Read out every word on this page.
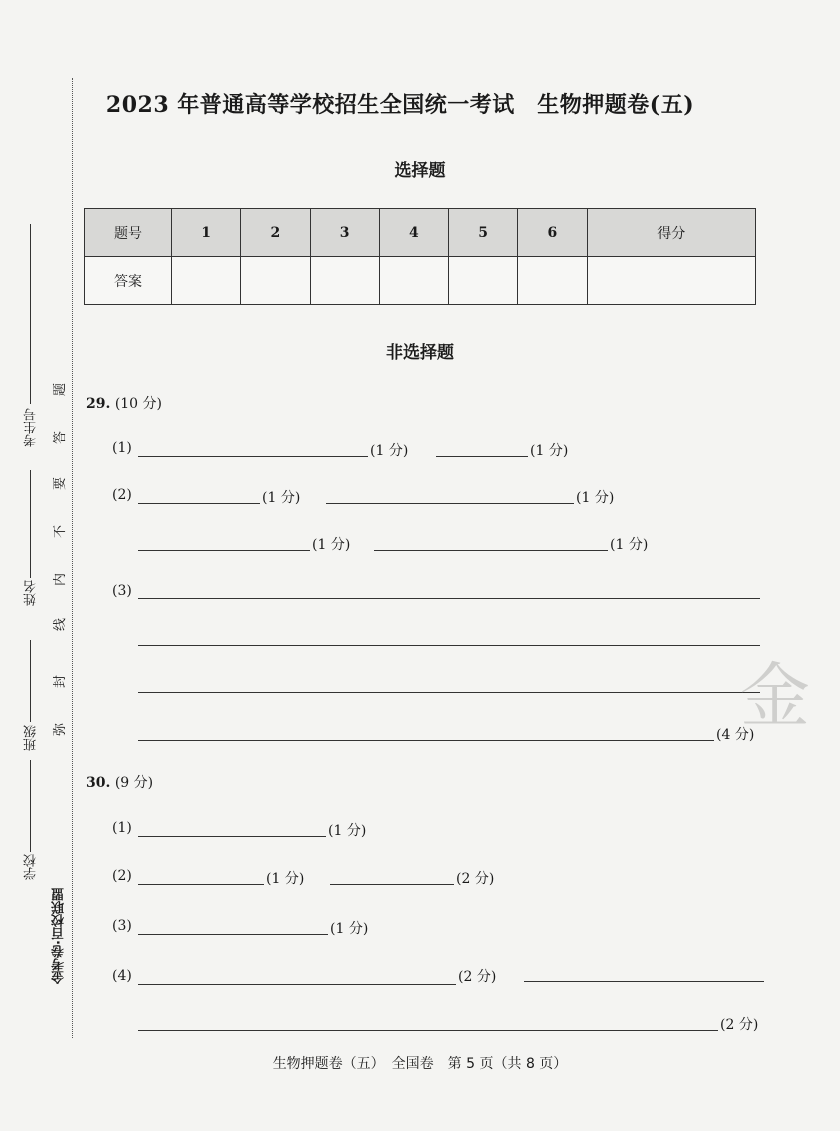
考生号
姓名
班级
学校
金考卷·百校联盟
弥
封
线
内
不
要
答
题
2023 年普通高等学校招生全国统一考试　生物押题卷(五)
选择题
题号	1	2	3	4	5	6	得分
答案							
非选择题
29. (10 分)
(1)	(1 分)	(1 分)
(2)	(1 分)	(1 分)
(1 分)	(1 分)
(3)
(4 分)
金
30. (9 分)
(1)	(1 分)
(2)	(1 分)	(2 分)
(3)	(1 分)
(4)	(2 分)
(2 分)
生物押题卷（五）　全国卷　第 5 页（共 8 页）
